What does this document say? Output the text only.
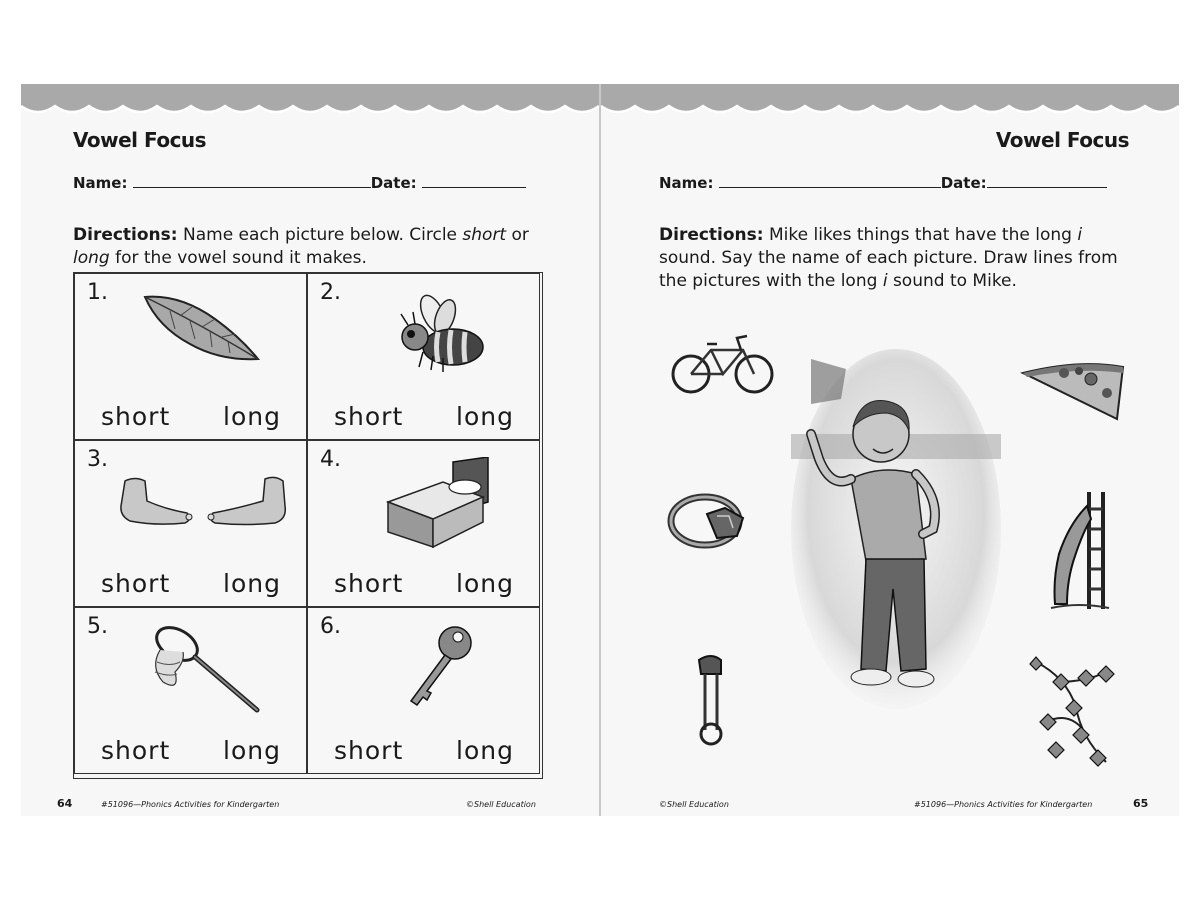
Vowel Focus
Name:	Date:
Directions: Name each picture below. Circle short or
long for the vowel sound it makes.
1.
short long
2.
short long
3.
short long
4.
short long
5.
short long
6.
short long
64	#51096—Phonics Activities for Kindergarten	©Shell Education
Vowel Focus
Name:	Date:
Directions: Mike likes things that have the long i sound. Say the name of each picture. Draw lines from the pictures with the long i sound to Mike.
©Shell Education	#51096—Phonics Activities for Kindergarten	65
